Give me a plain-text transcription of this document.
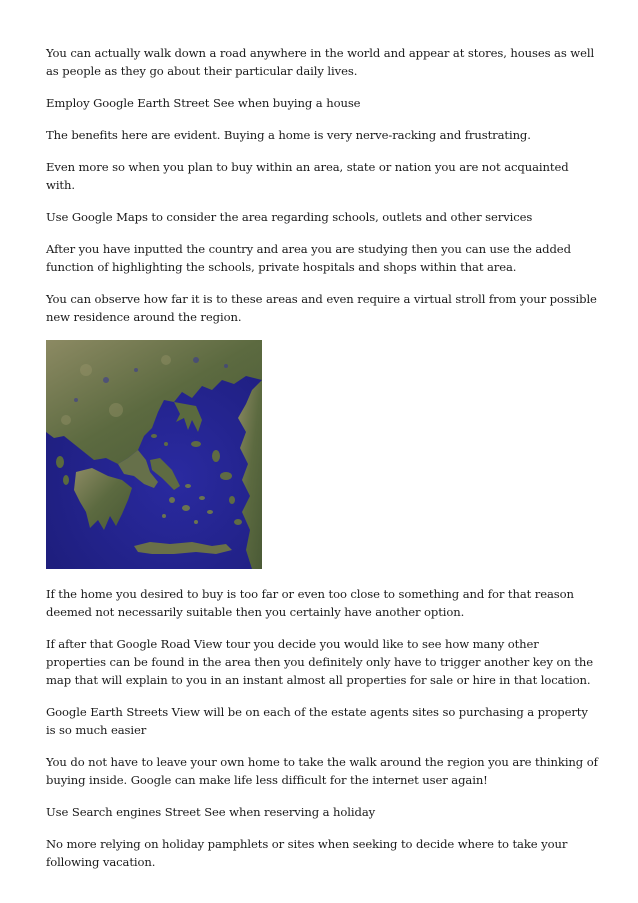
You can actually walk down a road anywhere in the world and appear at stores, houses as well as people as they go about their particular daily lives.

Employ Google Earth Street See when buying a house

The benefits here are evident. Buying a home is very nerve-racking and frustrating.

Even more so when you plan to buy within an area, state or nation you are not acquainted with.

Use Google Maps to consider the area regarding schools, outlets and other services

After you have inputted the country and area you are studying then you can use the added function of highlighting the schools, private hospitals and shops within that area.

You can observe how far it is to these areas and even require a virtual stroll from your possible new residence around the region.

If the home you desired to buy is too far or even too close to something and for that reason deemed not necessarily suitable then you certainly have another option.

If after that Google Road View tour you decide you would like to see how many other properties can be found in the area then you definitely only have to trigger another key on the map that will explain to you in an instant almost all properties for sale or hire in that location.

Google Earth Streets View will be on each of the estate agents sites so purchasing a property is so much easier

You do not have to leave your own home to take the walk around the region you are thinking of buying inside. Google can make life less difficult for the internet user again!

Use Search engines Street See when reserving a holiday

No more relying on holiday pamphlets or sites when seeking to decide where to take your following vacation.
